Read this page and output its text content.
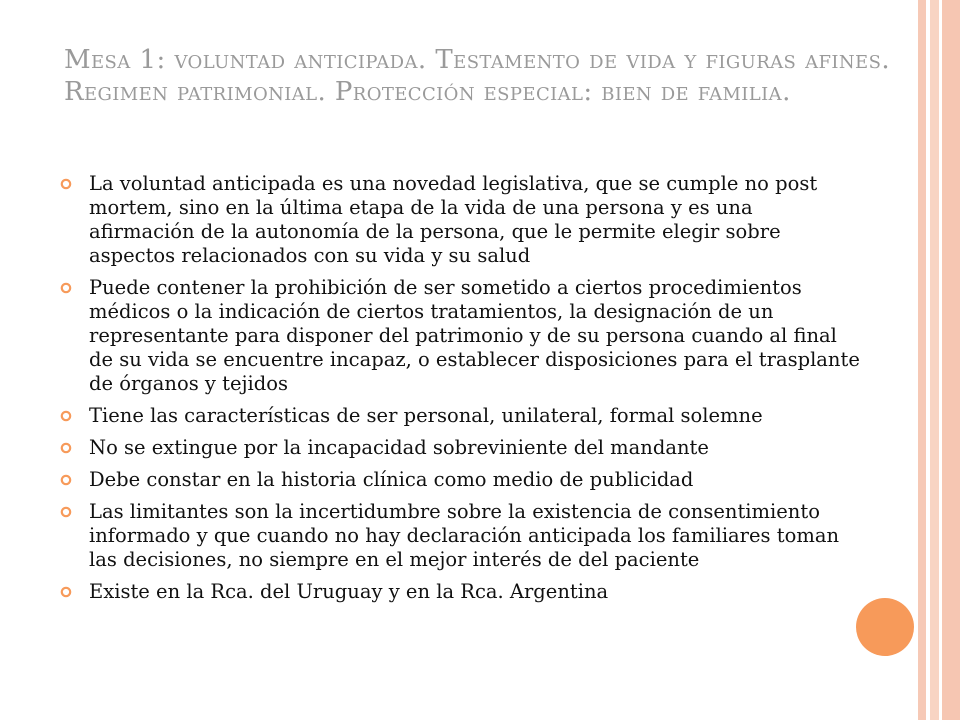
Mesa 1: voluntad anticipada. Testamento de vida y figuras afines. Regimen patrimonial. Protección especial: bien de familia.
La voluntad anticipada es una novedad legislativa, que se cumple no post mortem, sino en la última etapa de la vida de una persona y es una afirmación de la autonomía de la persona, que le permite elegir sobre aspectos relacionados con su vida y su salud
Puede contener la prohibición de ser sometido a ciertos procedimientos médicos o la indicación de ciertos tratamientos, la designación de un representante para disponer del patrimonio y de su persona cuando al final de su vida se encuentre incapaz, o establecer disposiciones para el trasplante de órganos y tejidos
Tiene las características de ser personal, unilateral, formal solemne
No se extingue por la incapacidad sobreviniente del mandante
Debe constar en la historia clínica como medio de publicidad
Las limitantes son la incertidumbre sobre la existencia de consentimiento informado y que cuando no hay declaración anticipada los familiares toman las decisiones, no siempre en el mejor interés de del paciente
Existe en la Rca. del Uruguay y en la Rca. Argentina
